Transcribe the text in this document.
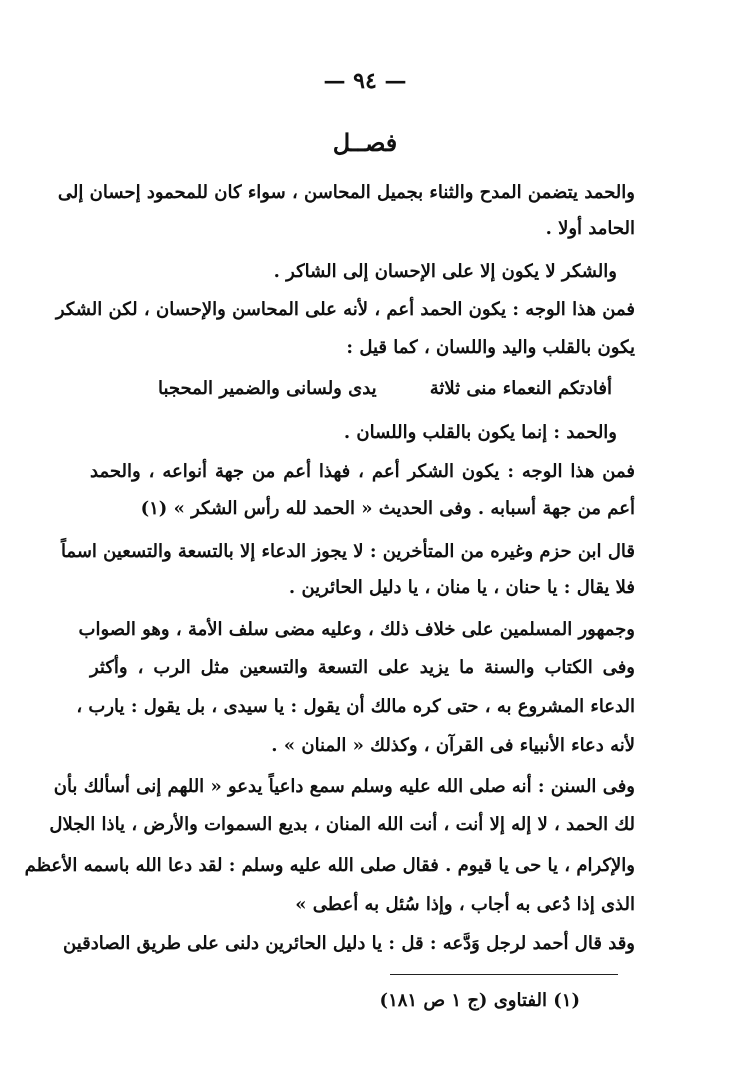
— ٩٤ —
فصــل
والحمد يتضمن المدح والثناء بجميل المحاسن ، سواء كان للمحمود إحسان إلى
الحامد أولا .
والشكر لا يكون إلا على الإحسان إلى الشاكر .
فمن هذا الوجه : يكون الحمد أعم ، لأنه على المحاسن والإحسان ، لكن الشكر
يكون بالقلب واليد واللسان ، كما قيل :
أفادتكم النعماء منى ثلاثة
يدى ولسانى والضمير المحجبا
والحمد : إنما يكون بالقلب واللسان .
فمن هذا الوجه : يكون الشكر أعم ، فهذا أعم من جهة أنواعه ، والحمد
أعم من جهة أسبابه . وفى الحديث « الحمد لله رأس الشكر » (١)
قال ابن حزم وغيره من المتأخرين : لا يجوز الدعاء إلا بالتسعة والتسعين اسماً
فلا يقال : يا حنان ، يا منان ، يا دليل الحائرين .
وجمهور المسلمين على خلاف ذلك ، وعليه مضى سلف الأمة ، وهو الصواب
وفى الكتاب والسنة ما يزيد على التسعة والتسعين مثل الرب ، وأكثر
الدعاء المشروع به ، حتى كره مالك أن يقول : يا سيدى ، بل يقول : يارب ،
لأنه دعاء الأنبياء فى القرآن ، وكذلك « المنان » .
وفى السنن : أنه صلى الله عليه وسلم سمع داعياً يدعو « اللهم إنى أسألك بأن
لك الحمد ، لا إله إلا أنت ، أنت الله المنان ، بديع السموات والأرض ، ياذا الجلال
والإكرام ، يا حى يا قيوم . فقال صلى الله عليه وسلم : لقد دعا الله باسمه الأعظم
الذى إذا دُعى به أجاب ، وإذا سُئل به أعطى »
وقد قال أحمد لرجل وَدَّعه : قل : يا دليل الحائرين دلنى على طريق الصادقين
(١) الفتاوى (ج ١ ص ١٨١)
